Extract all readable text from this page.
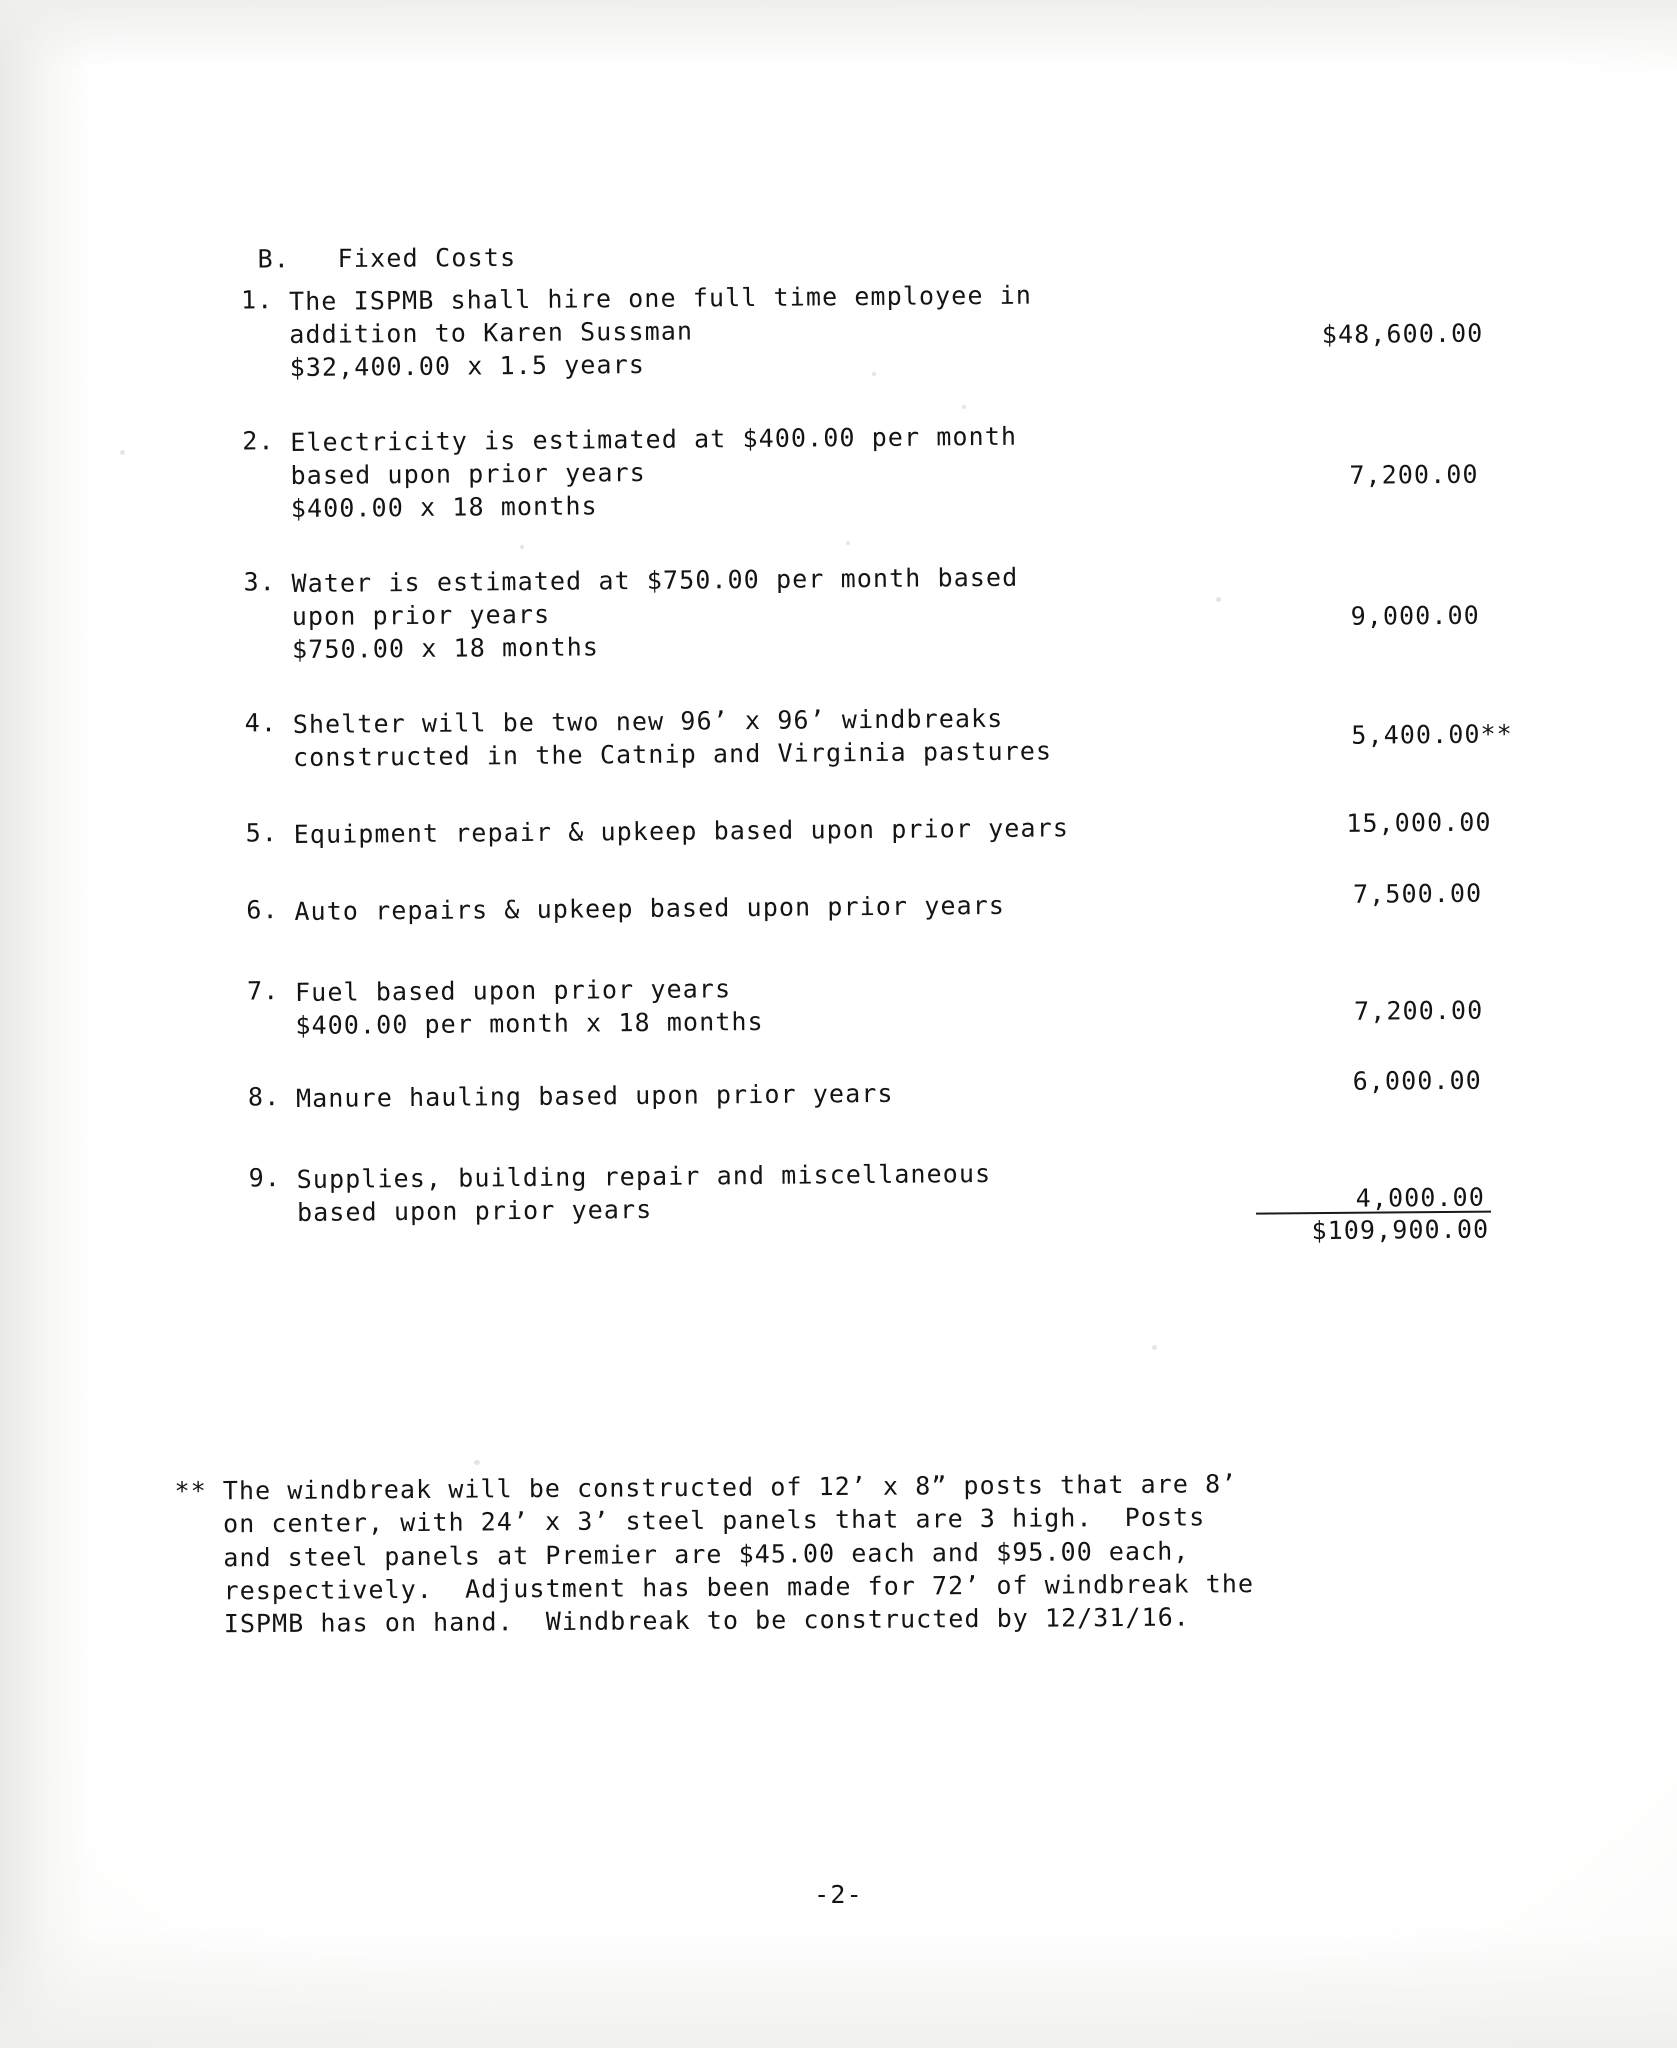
B. Fixed Costs

1. The ISPMB shall hire one full time employee in
addition to Karen Sussman
$32,400.00 x 1.5 years
$48,600.00
2. Electricity is estimated at $400.00 per month
based upon prior years
$400.00 x 18 months
7,200.00
3. Water is estimated at $750.00 per month based
upon prior years
$750.00 x 18 months
9,000.00
4. Shelter will be two new 96’ x 96’ windbreaks
constructed in the Catnip and Virginia pastures
5,400.00**
5. Equipment repair & upkeep based upon prior years	15,000.00
6. Auto repairs & upkeep based upon prior years	7,500.00
7. Fuel based upon prior years
$400.00 per month x 18 months	7,200.00
8. Manure hauling based upon prior years	6,000.00
9. Supplies, building repair and miscellaneous
based upon prior years	4,000.00
$109,900.00
** The windbreak will be constructed of 12’ x 8” posts that are 8’
on center, with 24’ x 3’ steel panels that are 3 high.  Posts
and steel panels at Premier are $45.00 each and $95.00 each,
respectively.  Adjustment has been made for 72’ of windbreak the
ISPMB has on hand.  Windbreak to be constructed by 12/31/16.
-2-
